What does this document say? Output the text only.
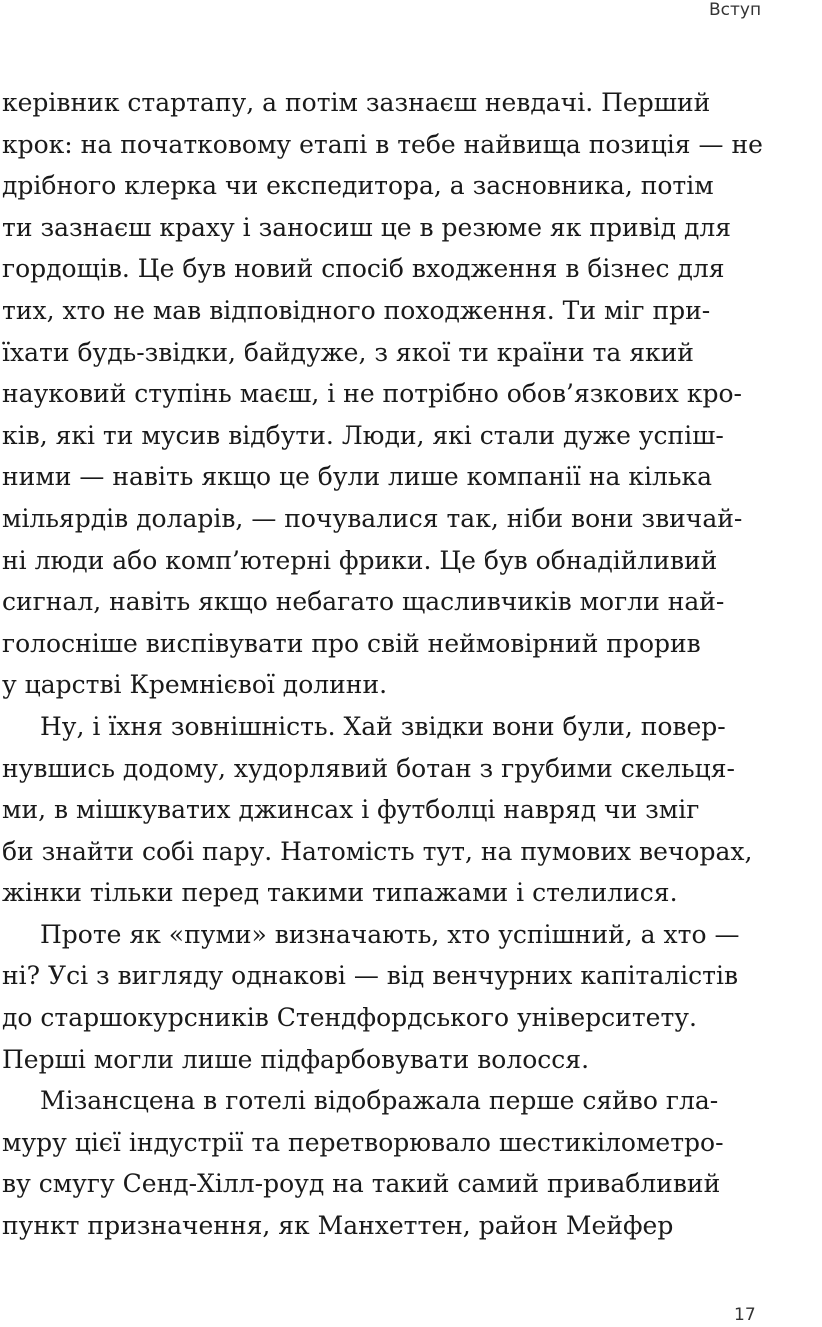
Вступ
керівник стартапу, а потім зазнаєш невдачі. Перший
крок: на початковому етапі в тебе найвища позиція — не
дрібного клерка чи експедитора, а засновника, потім
ти зазнаєш краху і заносиш це в резюме як привід для
гордощів. Це був новий спосіб входження в бізнес для
тих, хто не мав відповідного походження. Ти міг при-
їхати будь-звідки, байдуже, з якої ти країни та який
науковий ступінь маєш, і не потрібно обов’язкових кро-
ків, які ти мусив відбути. Люди, які стали дуже успіш-
ними — навіть якщо це були лише компанії на кілька
мільярдів доларів, — почувалися так, ніби вони звичай-
ні люди або комп’ютерні фрики. Це був обнадійливий
сигнал, навіть якщо небагато щасливчиків могли най-
голосніше виспівувати про свій неймовірний прорив
у царстві Кремнієвої долини.
Ну, і їхня зовнішність. Хай звідки вони були, повер-
нувшись додому, худорлявий ботан з грубими скельця-
ми, в мішкуватих джинсах і футболці навряд чи зміг
би знайти собі пару. Натомість тут, на пумових вечорах,
жінки тільки перед такими типажами і стелилися.
Проте як «пуми» визначають, хто успішний, а хто —
ні? Усі з вигляду однакові — від венчурних капіталістів
до старшокурсників Стендфордського університету.
Перші могли лише підфарбовувати волосся.
Мізансцена в готелі відображала перше сяйво гла-
муру цієї індустрії та перетворювало шестикілометро-
ву смугу Сенд-Хілл-роуд на такий самий привабливий
пункт призначення, як Манхеттен, район Мейфер
17
